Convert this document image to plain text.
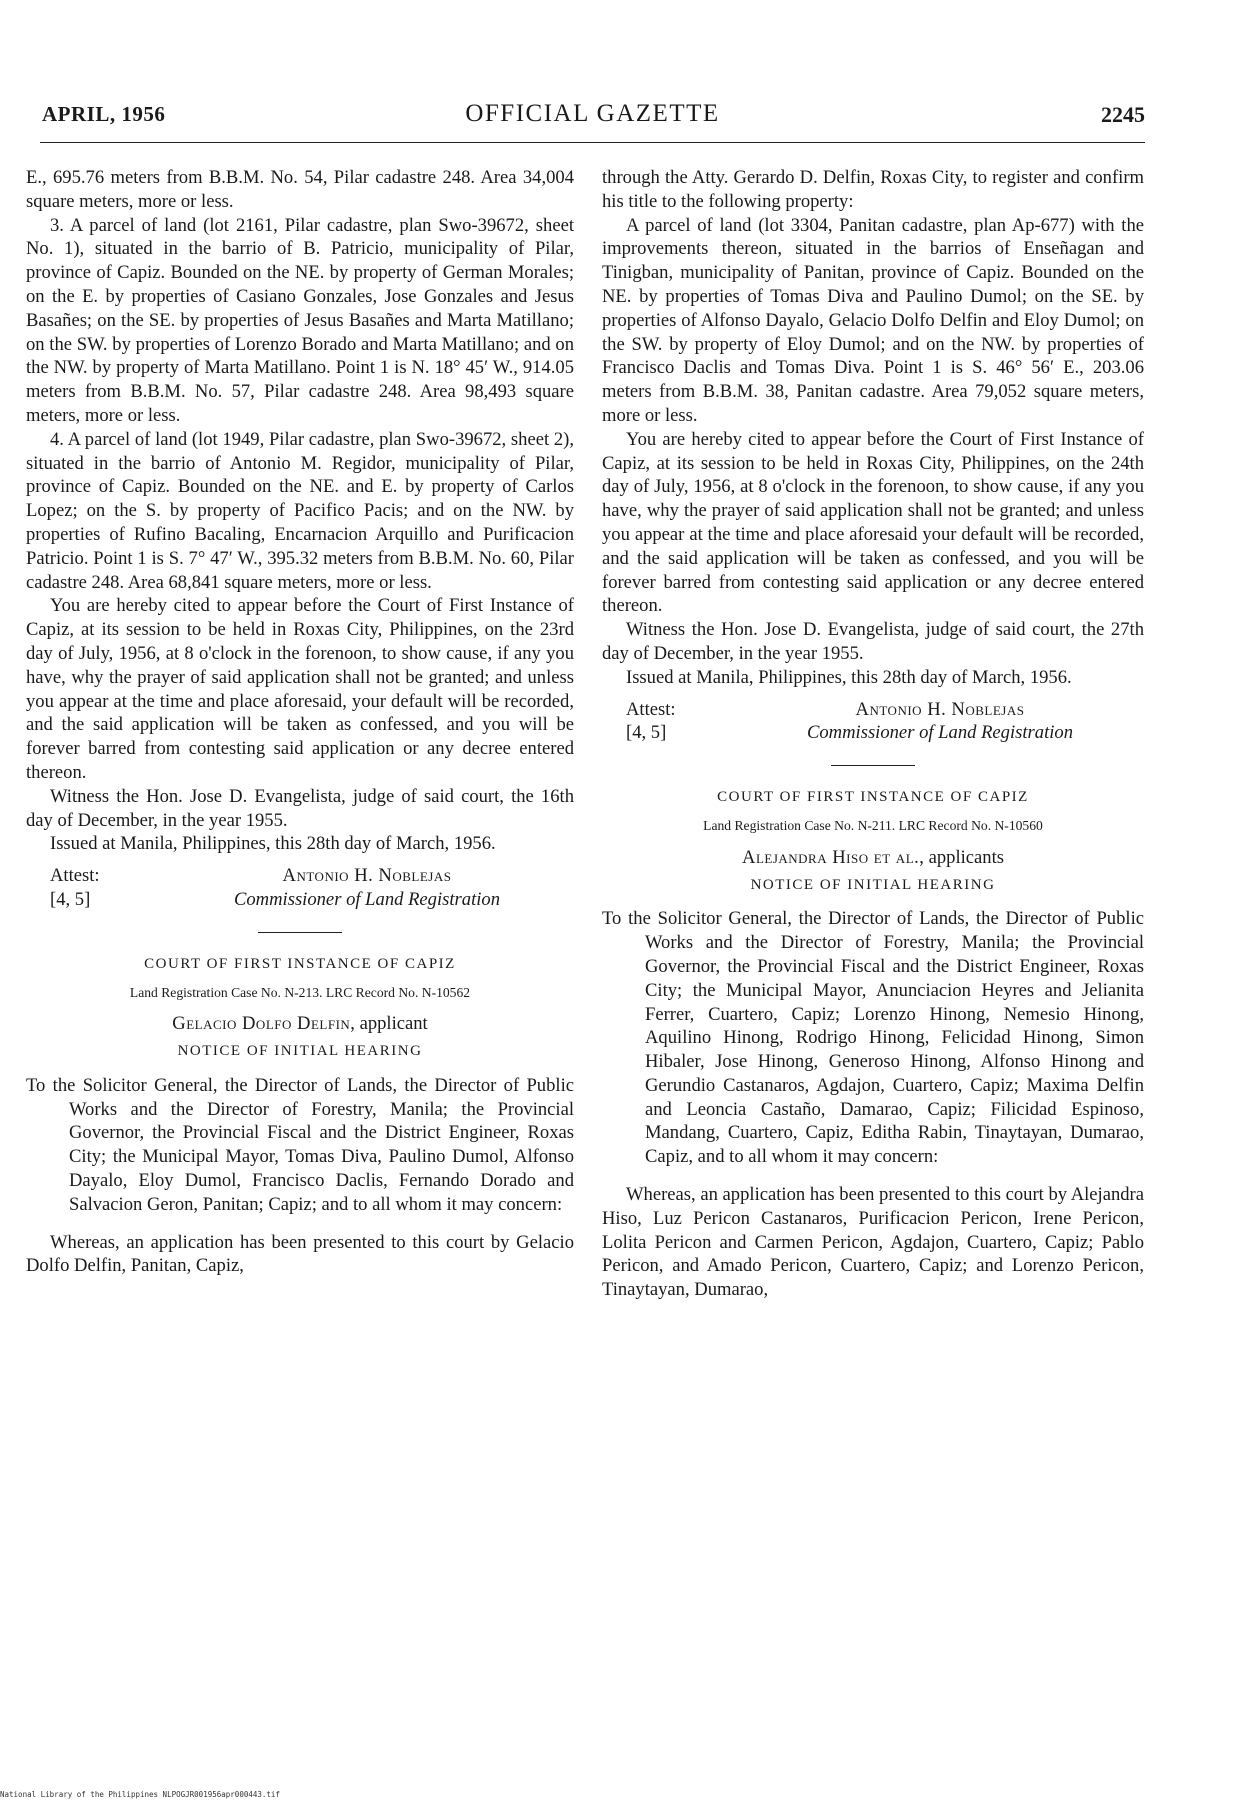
APRIL, 1956	OFFICIAL GAZETTE	2245

E., 695.76 meters from B.B.M. No. 54, Pilar cadastre 248. Area 34,004 square meters, more or less.

3. A parcel of land (lot 2161, Pilar cadastre, plan Swo-39672, sheet No. 1), situated in the barrio of B. Patricio, municipality of Pilar, province of Capiz. Bounded on the NE. by property of German Morales; on the E. by properties of Casiano Gonzales, Jose Gonzales and Jesus Basañes; on the SE. by properties of Jesus Basañes and Marta Matillano; on the SW. by properties of Lorenzo Borado and Marta Matillano; and on the NW. by property of Marta Matillano. Point 1 is N. 18° 45′ W., 914.05 meters from B.B.M. No. 57, Pilar cadastre 248. Area 98,493 square meters, more or less.

4. A parcel of land (lot 1949, Pilar cadastre, plan Swo-39672, sheet 2), situated in the barrio of Antonio M. Regidor, municipality of Pilar, province of Capiz. Bounded on the NE. and E. by property of Carlos Lopez; on the S. by property of Pacifico Pacis; and on the NW. by properties of Rufino Bacaling, Encarnacion Arquillo and Purificacion Patricio. Point 1 is S. 7° 47′ W., 395.32 meters from B.B.M. No. 60, Pilar cadastre 248. Area 68,841 square meters, more or less.

You are hereby cited to appear before the Court of First Instance of Capiz, at its session to be held in Roxas City, Philippines, on the 23rd day of July, 1956, at 8 o'clock in the forenoon, to show cause, if any you have, why the prayer of said application shall not be granted; and unless you appear at the time and place aforesaid, your default will be recorded, and the said application will be taken as confessed, and you will be forever barred from contesting said application or any decree entered thereon.

Witness the Hon. Jose D. Evangelista, judge of said court, the 16th day of December, in the year 1955.

Issued at Manila, Philippines, this 28th day of March, 1956.

Attest:
[4, 5]
Antonio H. Noblejas
Commissioner of Land Registration
COURT OF FIRST INSTANCE OF CAPIZ
Land Registration Case No. N-213. LRC Record No. N-10562
Gelacio Dolfo Delfin, applicant
NOTICE OF INITIAL HEARING

To the Solicitor General, the Director of Lands, the Director of Public Works and the Director of Forestry, Manila; the Provincial Governor, the Provincial Fiscal and the District Engineer, Roxas City; the Municipal Mayor, Tomas Diva, Paulino Dumol, Alfonso Dayalo, Eloy Dumol, Francisco Daclis, Fernando Dorado and Salvacion Geron, Panitan; Capiz; and to all whom it may concern:

Whereas, an application has been presented to this court by Gelacio Dolfo Delfin, Panitan, Capiz,

through the Atty. Gerardo D. Delfin, Roxas City, to register and confirm his title to the following property:

A parcel of land (lot 3304, Panitan cadastre, plan Ap-677) with the improvements thereon, situated in the barrios of Enseñagan and Tinigban, municipality of Panitan, province of Capiz. Bounded on the NE. by properties of Tomas Diva and Paulino Dumol; on the SE. by properties of Alfonso Dayalo, Gelacio Dolfo Delfin and Eloy Dumol; on the SW. by property of Eloy Dumol; and on the NW. by properties of Francisco Daclis and Tomas Diva. Point 1 is S. 46° 56′ E., 203.06 meters from B.B.M. 38, Panitan cadastre. Area 79,052 square meters, more or less.

You are hereby cited to appear before the Court of First Instance of Capiz, at its session to be held in Roxas City, Philippines, on the 24th day of July, 1956, at 8 o'clock in the forenoon, to show cause, if any you have, why the prayer of said application shall not be granted; and unless you appear at the time and place aforesaid your default will be recorded, and the said application will be taken as confessed, and you will be forever barred from contesting said application or any decree entered thereon.

Witness the Hon. Jose D. Evangelista, judge of said court, the 27th day of December, in the year 1955.

Issued at Manila, Philippines, this 28th day of March, 1956.

Attest:
[4, 5]
Antonio H. Noblejas
Commissioner of Land Registration
COURT OF FIRST INSTANCE OF CAPIZ
Land Registration Case No. N-211. LRC Record No. N-10560
Alejandra Hiso et al., applicants
NOTICE OF INITIAL HEARING

To the Solicitor General, the Director of Lands, the Director of Public Works and the Director of Forestry, Manila; the Provincial Governor, the Provincial Fiscal and the District Engineer, Roxas City; the Municipal Mayor, Anunciacion Heyres and Jelianita Ferrer, Cuartero, Capiz; Lorenzo Hinong, Nemesio Hinong, Aquilino Hinong, Rodrigo Hinong, Felicidad Hinong, Simon Hibaler, Jose Hinong, Generoso Hinong, Alfonso Hinong and Gerundio Castanaros, Agdajon, Cuartero, Capiz; Maxima Delfin and Leoncia Castaño, Damarao, Capiz; Filicidad Espinoso, Mandang, Cuartero, Capiz, Editha Rabin, Tinaytayan, Dumarao, Capiz, and to all whom it may concern:

Whereas, an application has been presented to this court by Alejandra Hiso, Luz Pericon Castanaros, Purificacion Pericon, Irene Pericon, Lolita Pericon and Carmen Pericon, Agdajon, Cuartero, Capiz; Pablo Pericon, and Amado Pericon, Cuartero, Capiz; and Lorenzo Pericon, Tinaytayan, Dumarao,

National Library of the Philippines NLPOGJR001956apr000443.tif
